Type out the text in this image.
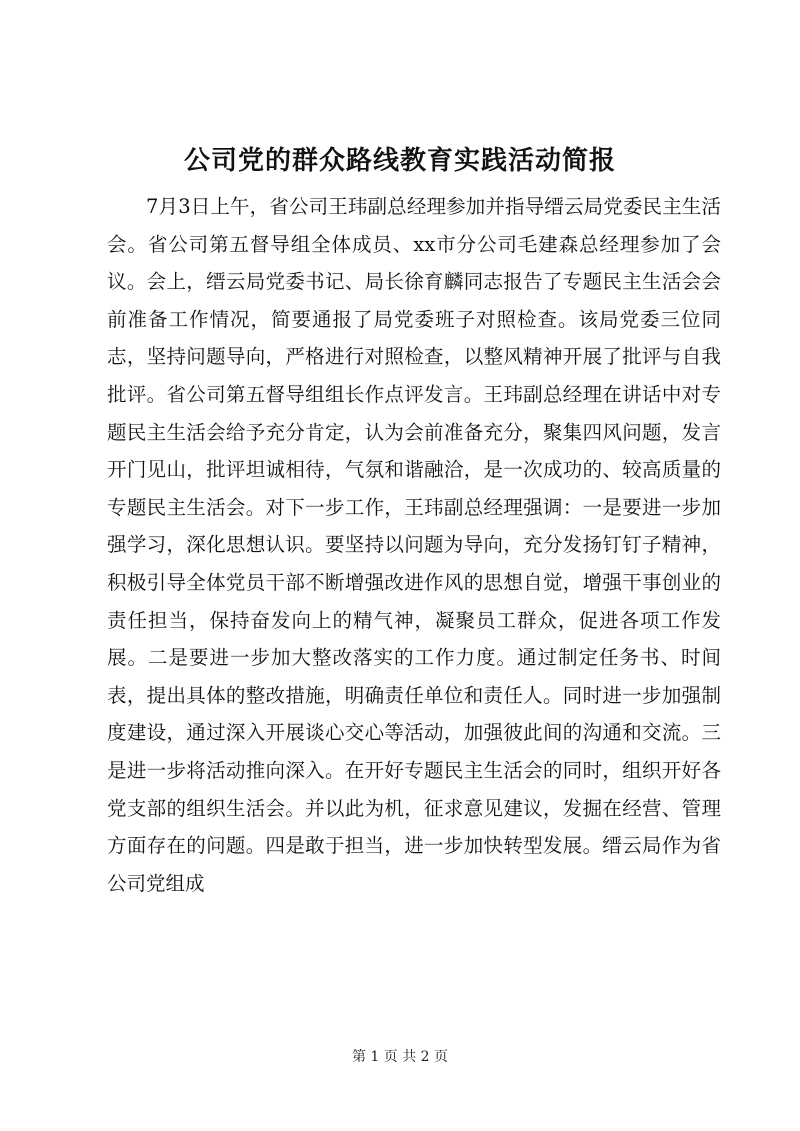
公司党的群众路线教育实践活动简报

7月3日上午，省公司王玮副总经理参加并指导缙云局党委民主生活会。省公司第五督导组全体成员、xx市分公司毛建森总经理参加了会议。会上，缙云局党委书记、局长徐育麟同志报告了专题民主生活会会前准备工作情况，简要通报了局党委班子对照检查。该局党委三位同志，坚持问题导向，严格进行对照检查，以整风精神开展了批评与自我批评。省公司第五督导组组长作点评发言。王玮副总经理在讲话中对专题民主生活会给予充分肯定，认为会前准备充分，聚集四风问题，发言开门见山，批评坦诚相待，气氛和谐融洽，是一次成功的、较高质量的专题民主生活会。对下一步工作，王玮副总经理强调：一是要进一步加强学习，深化思想认识。要坚持以问题为导向，充分发扬钉钉子精神，积极引导全体党员干部不断增强改进作风的思想自觉，增强干事创业的责任担当，保持奋发向上的精气神，凝聚员工群众，促进各项工作发展。二是要进一步加大整改落实的工作力度。通过制定任务书、时间表，提出具体的整改措施，明确责任单位和责任人。同时进一步加强制度建设，通过深入开展谈心交心等活动，加强彼此间的沟通和交流。三是进一步将活动推向深入。在开好专题民主生活会的同时，组织开好各党支部的组织生活会。并以此为机，征求意见建议，发掘在经营、管理方面存在的问题。四是敢于担当，进一步加快转型发展。缙云局作为省公司党组成

第 1 页 共 2 页
